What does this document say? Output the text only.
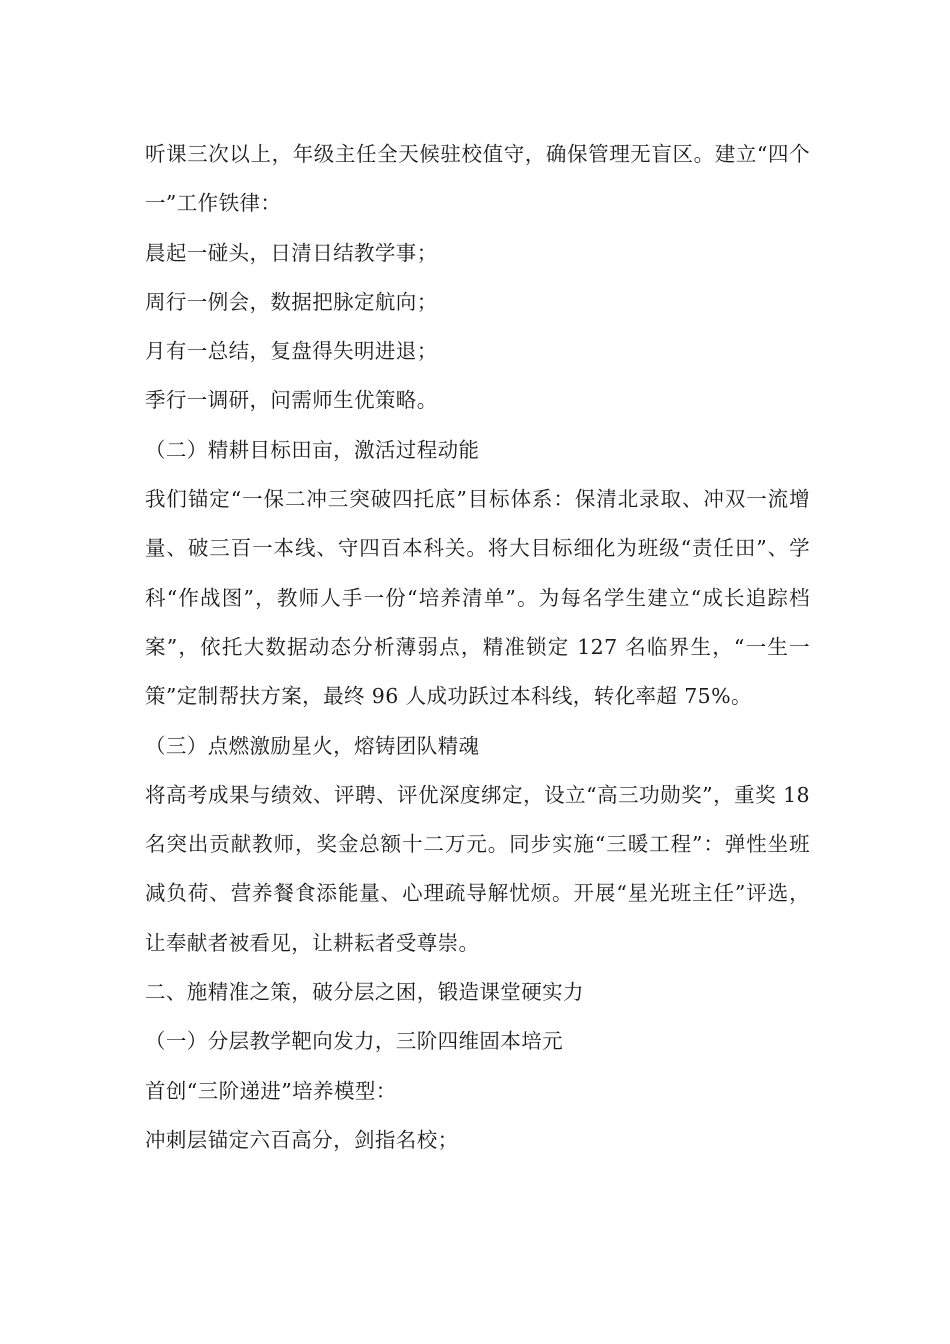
听课三次以上，年级主任全天候驻校值守，确保管理无盲区。建立“四个一”工作铁律：

晨起一碰头，日清日结教学事；

周行一例会，数据把脉定航向；

月有一总结，复盘得失明进退；

季行一调研，问需师生优策略。

（二）精耕目标田亩，激活过程动能

我们锚定“一保二冲三突破四托底”目标体系：保清北录取、冲双一流增量、破三百一本线、守四百本科关。将大目标细化为班级“责任田”、学科“作战图”，教师人手一份“培养清单”。为每名学生建立“成长追踪档案”，依托大数据动态分析薄弱点，精准锁定 127 名临界生，“一生一策”定制帮扶方案，最终 96 人成功跃过本科线，转化率超 75%。

（三）点燃激励星火，熔铸团队精魂

将高考成果与绩效、评聘、评优深度绑定，设立“高三功勋奖”，重奖 18 名突出贡献教师，奖金总额十二万元。同步实施“三暖工程”：弹性坐班减负荷、营养餐食添能量、心理疏导解忧烦。开展“星光班主任”评选，让奉献者被看见，让耕耘者受尊崇。

二、施精准之策，破分层之困，锻造课堂硬实力

（一）分层教学靶向发力，三阶四维固本培元

首创“三阶递进”培养模型：

冲刺层锚定六百高分，剑指名校；
